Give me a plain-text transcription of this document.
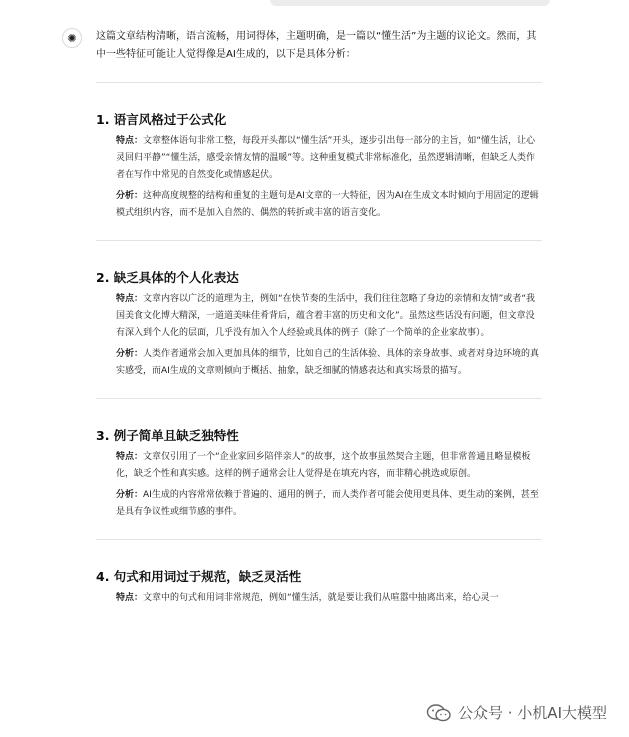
✺	这篇文章结构清晰，语言流畅，用词得体，主题明确，是一篇以“懂生活”为主题的议论文。然而，其中一些特征可能让人觉得像是AI生成的，以下是具体分析：

1. 语言风格过于公式化

特点：文章整体语句非常工整，每段开头都以“懂生活”开头，逐步引出每一部分的主旨，如“懂生活，让心灵回归平静”“懂生活，感受亲情友情的温暖”等。这种重复模式非常标准化，虽然逻辑清晰，但缺乏人类作者在写作中常见的自然变化或情感起伏。

分析：这种高度规整的结构和重复的主题句是AI文章的一大特征，因为AI在生成文本时倾向于用固定的逻辑模式组织内容，而不是加入自然的、偶然的转折或丰富的语言变化。

2. 缺乏具体的个人化表达

特点：文章内容以广泛的道理为主，例如“在快节奏的生活中，我们往往忽略了身边的亲情和友情”或者“我国美食文化博大精深，一道道美味佳肴背后，蕴含着丰富的历史和文化”。虽然这些话没有问题，但文章没有深入到个人化的层面，几乎没有加入个人经验或具体的例子（除了一个简单的企业家故事）。

分析：人类作者通常会加入更加具体的细节，比如自己的生活体验、具体的亲身故事、或者对身边环境的真实感受，而AI生成的文章则倾向于概括、抽象，缺乏细腻的情感表达和真实场景的描写。

3. 例子简单且缺乏独特性

特点：文章仅引用了一个“企业家回乡陪伴亲人”的故事，这个故事虽然契合主题，但非常普通且略显模板化，缺乏个性和真实感。这样的例子通常会让人觉得是在填充内容，而非精心挑选或原创。

分析：AI生成的内容常常依赖于普遍的、通用的例子，而人类作者可能会使用更具体、更生动的案例，甚至是具有争议性或细节感的事件。

4. 句式和用词过于规范，缺乏灵活性

特点：文章中的句式和用词非常规范，例如“懂生活，就是要让我们从喧嚣中抽离出来，给心灵一

公众号 · 小机AI大模型
